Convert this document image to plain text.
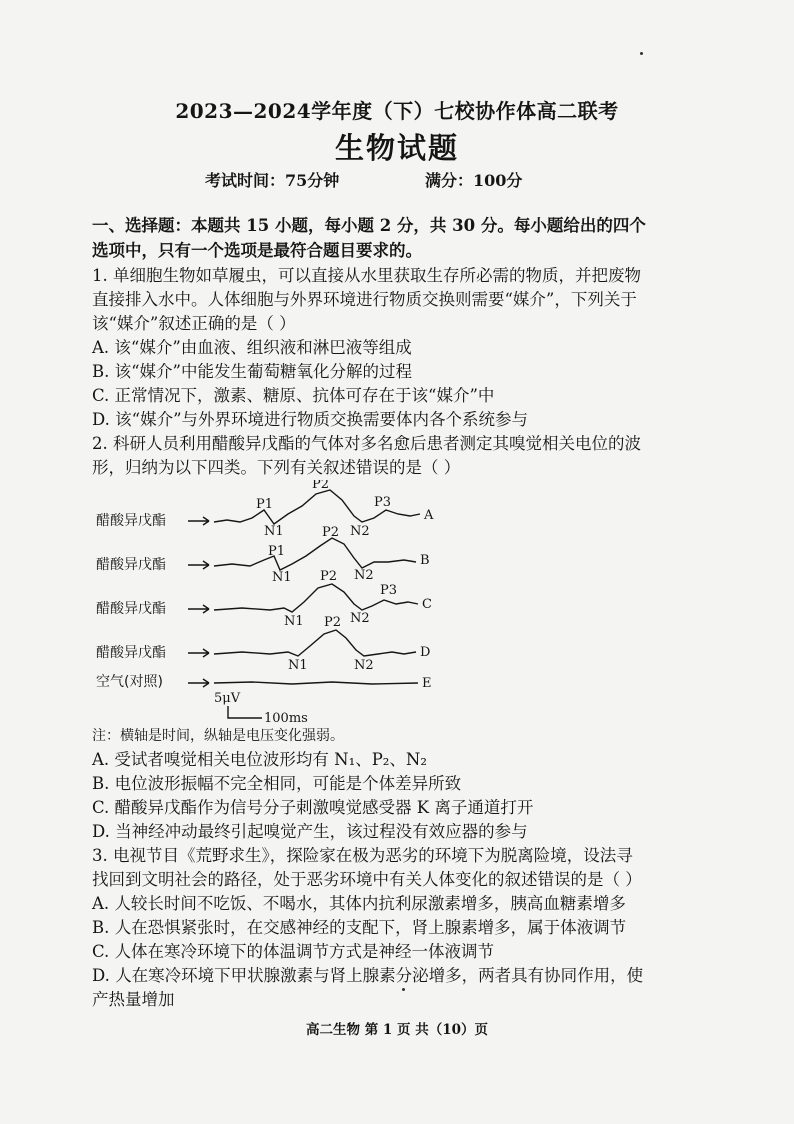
2023—2024学年度（下）七校协作体高二联考
生物试题
考试时间：75分钟	满分：100分
一、选择题：本题共 15 小题，每小题 2 分，共 30 分。每小题给出的四个
选项中，只有一个选项是最符合题目要求的。
1. 单细胞生物如草履虫，可以直接从水里获取生存所必需的物质，并把废物
直接排入水中。人体细胞与外界环境进行物质交换则需要“媒介”，下列关于
该“媒介”叙述正确的是（ ）
A. 该“媒介”由血液、组织液和淋巴液等组成
B. 该“媒介”中能发生葡萄糖氧化分解的过程
C. 正常情况下，激素、糖原、抗体可存在于该“媒介”中
D. 该“媒介”与外界环境进行物质交换需要体内各个系统参与
2. 科研人员利用醋酸异戊酯的气体对多名愈后患者测定其嗅觉相关电位的波
形，归纳为以下四类。下列有关叙述错误的是（ ）
醋酸异戊酯	A
P1
N1
P2
N2
P3
醋酸异戊酯	B
P1
N1
P2
N2
醋酸异戊酯	C
N1
P2
N2
P3
醋酸异戊酯	D
N1
P2
N2
空气(对照)	E
5μV
100ms
注：横轴是时间，纵轴是电压变化强弱。
A. 受试者嗅觉相关电位波形均有 N₁、P₂、N₂
B. 电位波形振幅不完全相同，可能是个体差异所致
C. 醋酸异戊酯作为信号分子刺激嗅觉感受器 K 离子通道打开
D. 当神经冲动最终引起嗅觉产生，该过程没有效应器的参与
3. 电视节目《荒野求生》，探险家在极为恶劣的环境下为脱离险境，设法寻
找回到文明社会的路径，处于恶劣环境中有关人体变化的叙述错误的是（ ）
A. 人较长时间不吃饭、不喝水，其体内抗利尿激素增多，胰高血糖素增多
B. 人在恐惧紧张时，在交感神经的支配下，肾上腺素增多，属于体液调节
C. 人体在寒冷环境下的体温调节方式是神经一体液调节
D. 人在寒冷环境下甲状腺激素与肾上腺素分泌增多，两者具有协同作用，使
产热量增加
高二生物 第 1 页 共（10）页
